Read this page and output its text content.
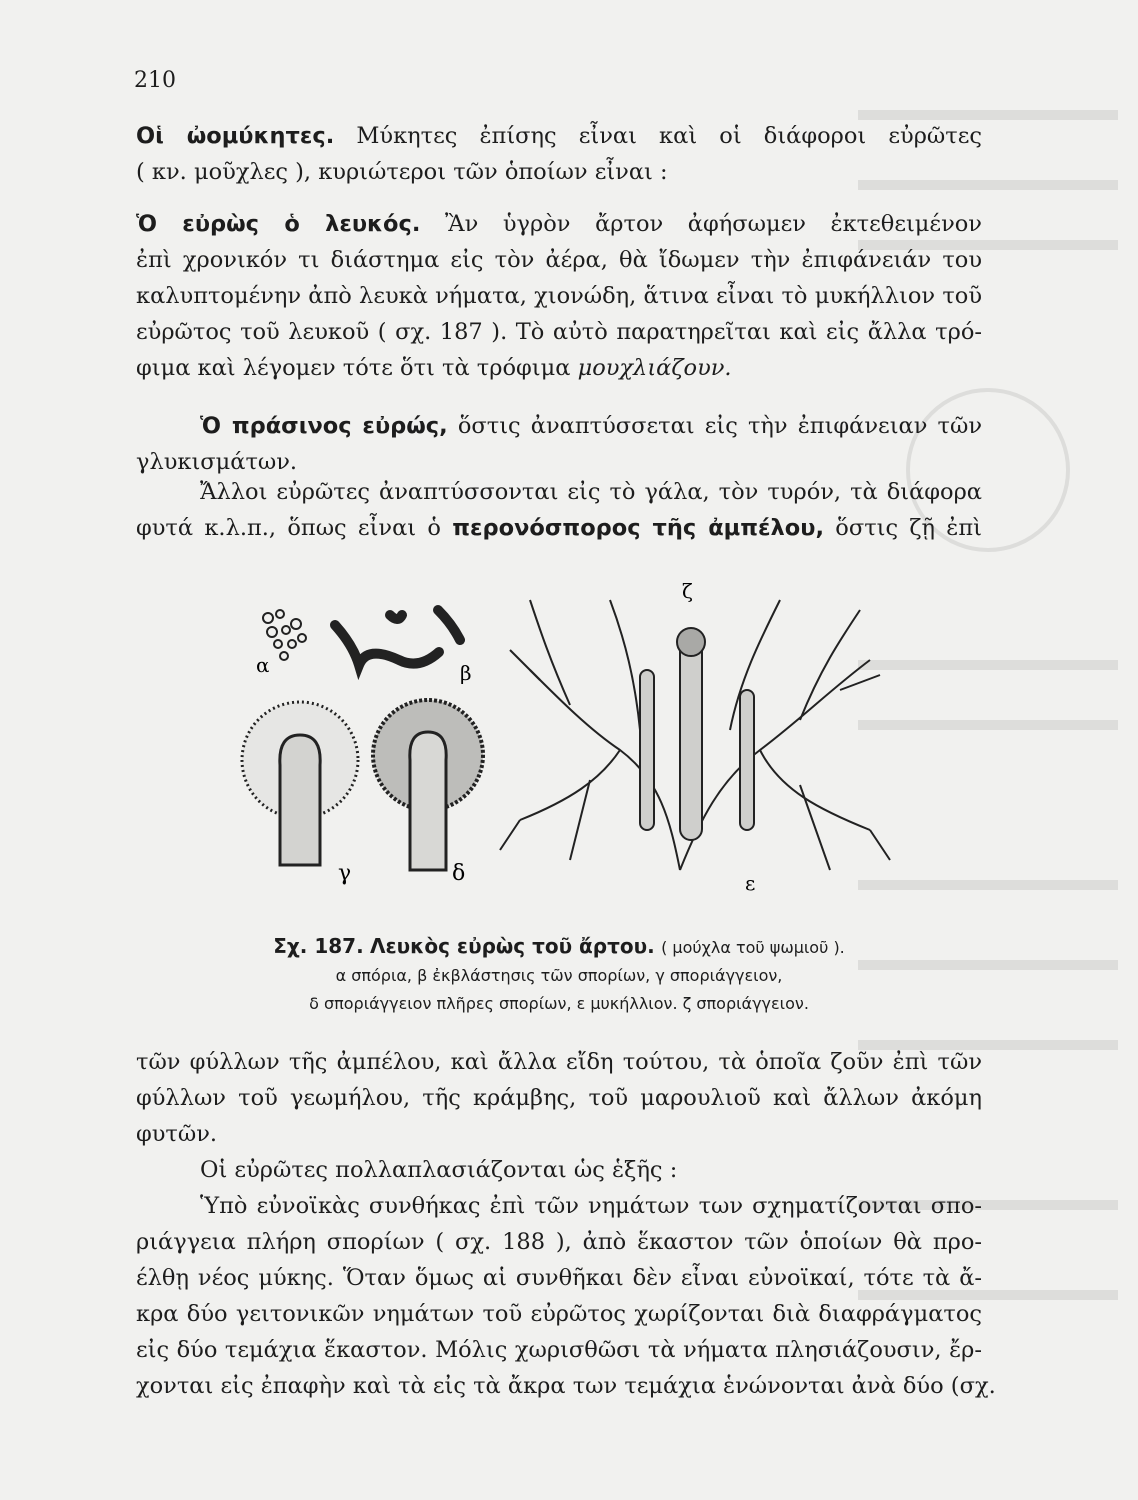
210
Οἱ ὠομύκητες. Μύκητες ἐπίσης εἶναι καὶ οἱ διάφοροι εὐρῶτες
( κν. μοῦχλες ), κυριώτεροι τῶν ὁποίων εἶναι :
Ὁ εὐρὼς ὁ λευκός. Ἂν ὑγρὸν ἄρτον ἀφήσωμεν ἐκτεθειμένον
ἐπὶ χρονικόν τι διάστημα εἰς τὸν ἀέρα, θὰ ἴδωμεν τὴν ἐπιφάνειάν του
καλυπτομένην ἀπὸ λευκὰ νήματα, χιονώδη, ἅτινα εἶναι τὸ μυκήλλιον τοῦ
εὐρῶτος τοῦ λευκοῦ ( σχ. 187 ). Τὸ αὐτὸ παρατηρεῖται καὶ εἰς ἄλλα τρό-
φιμα καὶ λέγομεν τότε ὅτι τὰ τρόφιμα μουχλιάζουν.
Ὁ πράσινος εὐρώς, ὅστις ἀναπτύσσεται εἰς τὴν ἐπιφάνειαν τῶν
γλυκισμάτων.
Ἄλλοι εὐρῶτες ἀναπτύσσονται εἰς τὸ γάλα, τὸν τυρόν, τὰ διάφορα
φυτά κ.λ.π., ὅπως εἶναι ὁ περονόσπορος τῆς ἀμπέλου, ὅστις ζῇ ἐπὶ
α	β
γ	δ
ζ
ε
Σχ. 187. Λευκὸς εὐρὼς τοῦ ἄρτου. ( μούχλα τοῦ ψωμιοῦ ).
α σπόρια, β ἐκβλάστησις τῶν σπορίων, γ σποριάγγειον,
δ σποριάγγειον πλῆρες σπορίων, ε μυκήλλιον. ζ σποριάγγειον.
τῶν φύλλων τῆς ἀμπέλου, καὶ ἄλλα εἴδη τούτου, τὰ ὁποῖα ζοῦν ἐπὶ τῶν
φύλλων τοῦ γεωμήλου, τῆς κράμβης, τοῦ μαρουλιοῦ καὶ ἄλλων ἀκόμη
φυτῶν.
Οἱ εὐρῶτες πολλαπλασιάζονται ὡς ἑξῆς :
Ὑπὸ εὐνοϊκὰς συνθήκας ἐπὶ τῶν νημάτων των σχηματίζονται σπο-
ριάγγεια πλήρη σπορίων ( σχ. 188 ), ἀπὸ ἕκαστον τῶν ὁποίων θὰ προ-
έλθῃ νέος μύκης. Ὅταν ὅμως αἱ συνθῆκαι δὲν εἶναι εὐνοϊκαί, τότε τὰ ἄ-
κρα δύο γειτονικῶν νημάτων τοῦ εὐρῶτος χωρίζονται διὰ διαφράγματος
εἰς δύο τεμάχια ἕκαστον. Μόλις χωρισθῶσι τὰ νήματα πλησιάζουσιν, ἔρ-
χονται εἰς ἐπαφὴν καὶ τὰ εἰς τὰ ἄκρα των τεμάχια ἑνώνονται ἀνὰ δύο (σχ.
